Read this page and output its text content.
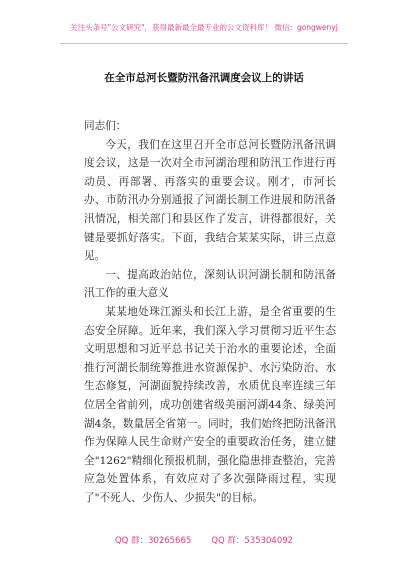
关注头条号"公文研究"，获得最新最全最专业的公文资料库！ 微信：gongwenyj
在全市总河长暨防汛备汛调度会议上的讲话

同志们：

今天，我们在这里召开全市总河长暨防汛备汛调度会议，这是一次对全市河湖治理和防汛工作进行再动员、再部署、再落实的重要会议。刚才，市河长办、市防汛办分别通报了河湖长制工作进展和防汛备汛情况，相关部门和县区作了发言，讲得都很好，关键是要抓好落实。下面，我结合某某实际，讲三点意见。

一、提高政治站位，深刻认识河湖长制和防汛备汛工作的重大意义

某某地处珠江源头和长江上游，是全省重要的生态安全屏障。近年来，我们深入学习贯彻习近平生态文明思想和习近平总书记关于治水的重要论述，全面推行河湖长制统筹推进水资源保护、水污染防治、水生态修复，河湖面貌持续改善，水质优良率连续三年位居全省前列，成功创建省级美丽河湖44条、绿美河湖4条，数量居全省第一。同时，我们始终把防汛备汛作为保障人民生命财产安全的重要政治任务，建立健全"1262"精细化预报机制，强化隐患排查整治，完善应急处置体系，有效应对了多次强降雨过程，实现了"不死人、少伤人、少损失"的目标。

QQ 群：30265665 QQ 群：535304092
